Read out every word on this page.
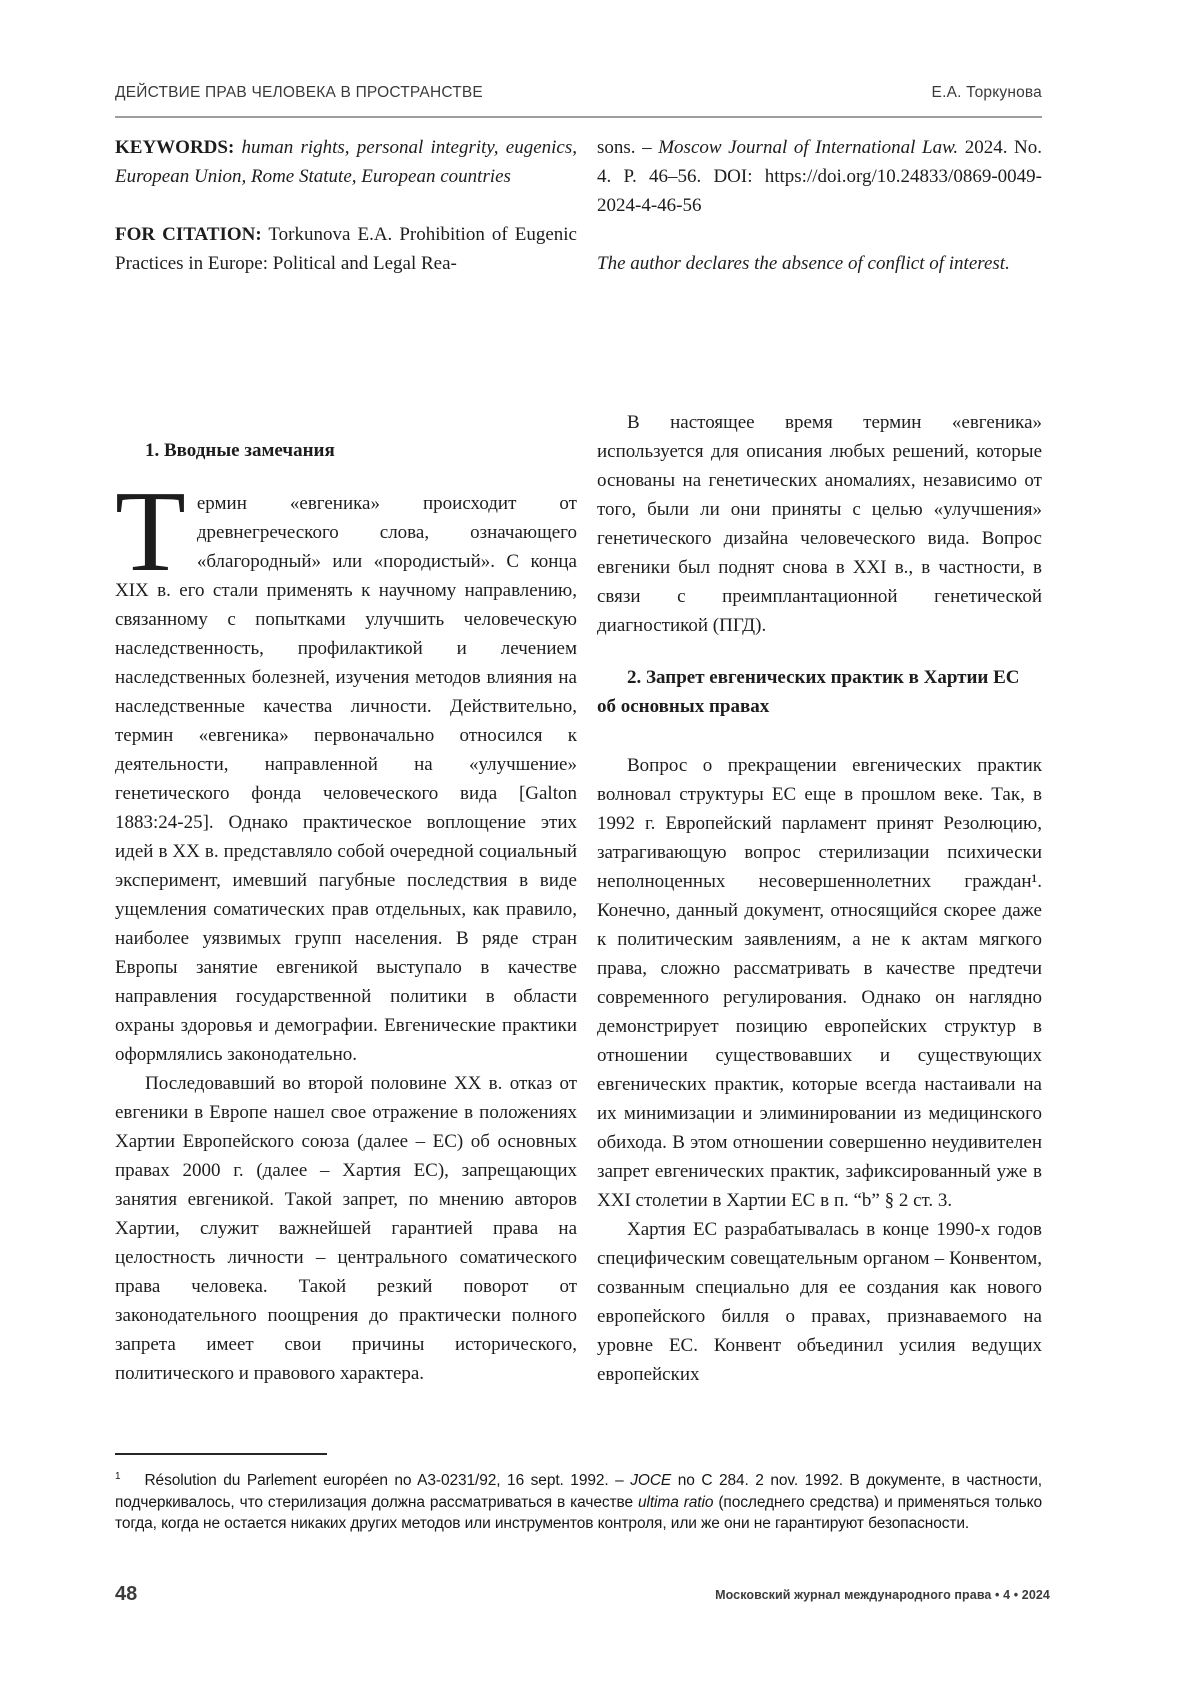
ДЕЙСТВИЕ ПРАВ ЧЕЛОВЕКА В ПРОСТРАНСТВЕ	Е.А. Торкунова

KEYWORDS: human rights, personal integrity, eugenics, European Union, Rome Statute, European countries

FOR CITATION: Torkunova E.A. Prohibition of Eugenic Practices in Europe: Political and Legal Rea-

sons. – Moscow Journal of International Law. 2024. No. 4. P. 46–56. DOI: https://doi.org/10.24833/0869-0049-2024-4-46-56

The author declares the absence of conflict of interest.

1. Вводные замечания

Термин «евгеника» происходит от древнегреческого слова, означающего «благородный» или «породистый». С конца XIX в. его стали применять к научному направлению, связанному с попытками улучшить человеческую наследственность, профилактикой и лечением наследственных болезней, изучения методов влияния на наследственные качества личности. Действительно, термин «евгеника» первоначально относился к деятельности, направленной на «улучшение» генетического фонда человеческого вида [Galton 1883:24-25]. Однако практическое воплощение этих идей в XX в. представляло собой очередной социальный эксперимент, имевший пагубные последствия в виде ущемления соматических прав отдельных, как правило, наиболее уязвимых групп населения. В ряде стран Европы занятие евгеникой выступало в качестве направления государственной политики в области охраны здоровья и демографии. Евгенические практики оформлялись законодательно.

Последовавший во второй половине XX в. отказ от евгеники в Европе нашел свое отражение в положениях Хартии Европейского союза (далее – ЕС) об основных правах 2000 г. (далее – Хартия ЕС), запрещающих занятия евгеникой. Такой запрет, по мнению авторов Хартии, служит важнейшей гарантией права на целостность личности – центрального соматического права человека. Такой резкий поворот от законодательного поощрения до практически полного запрета имеет свои причины исторического, политического и правового характера.

В настоящее время термин «евгеника» используется для описания любых решений, которые основаны на генетических аномалиях, независимо от того, были ли они приняты с целью «улучшения» генетического дизайна человеческого вида. Вопрос евгеники был поднят снова в XXI в., в частности, в связи с преимплантационной генетической диагностикой (ПГД).

2. Запрет евгенических практик в Хартии ЕС об основных правах

Вопрос о прекращении евгенических практик волновал структуры ЕС еще в прошлом веке. Так, в 1992 г. Европейский парламент принят Резолюцию, затрагивающую вопрос стерилизации психически неполноценных несовершеннолетних граждан¹. Конечно, данный документ, относящийся скорее даже к политическим заявлениям, а не к актам мягкого права, сложно рассматривать в качестве предтечи современного регулирования. Однако он наглядно демонстрирует позицию европейских структур в отношении существовавших и существующих евгенических практик, которые всегда настаивали на их минимизации и элиминировании из медицинского обихода. В этом отношении совершенно неудивителен запрет евгенических практик, зафиксированный уже в XXI столетии в Хартии ЕС в п. “b” § 2 ст. 3.

Хартия ЕС разрабатывалась в конце 1990-х годов специфическим совещательным органом – Конвентом, созванным специально для ее создания как нового европейского билля о правах, признаваемого на уровне ЕС. Конвент объединил усилия ведущих европейских

$^1$ Résolution du Parlement européen no A3-0231/92, 16 sept. 1992. – JOCE no C 284. 2 nov. 1992. В документе, в частности, подчеркивалось, что стерилизация должна рассматриваться в качестве ultima ratio (последнего средства) и применяться только тогда, когда не остается никаких других методов или инструментов контроля, или же они не гарантируют безопасности.

48	Московский журнал международного права • 4 • 2024
